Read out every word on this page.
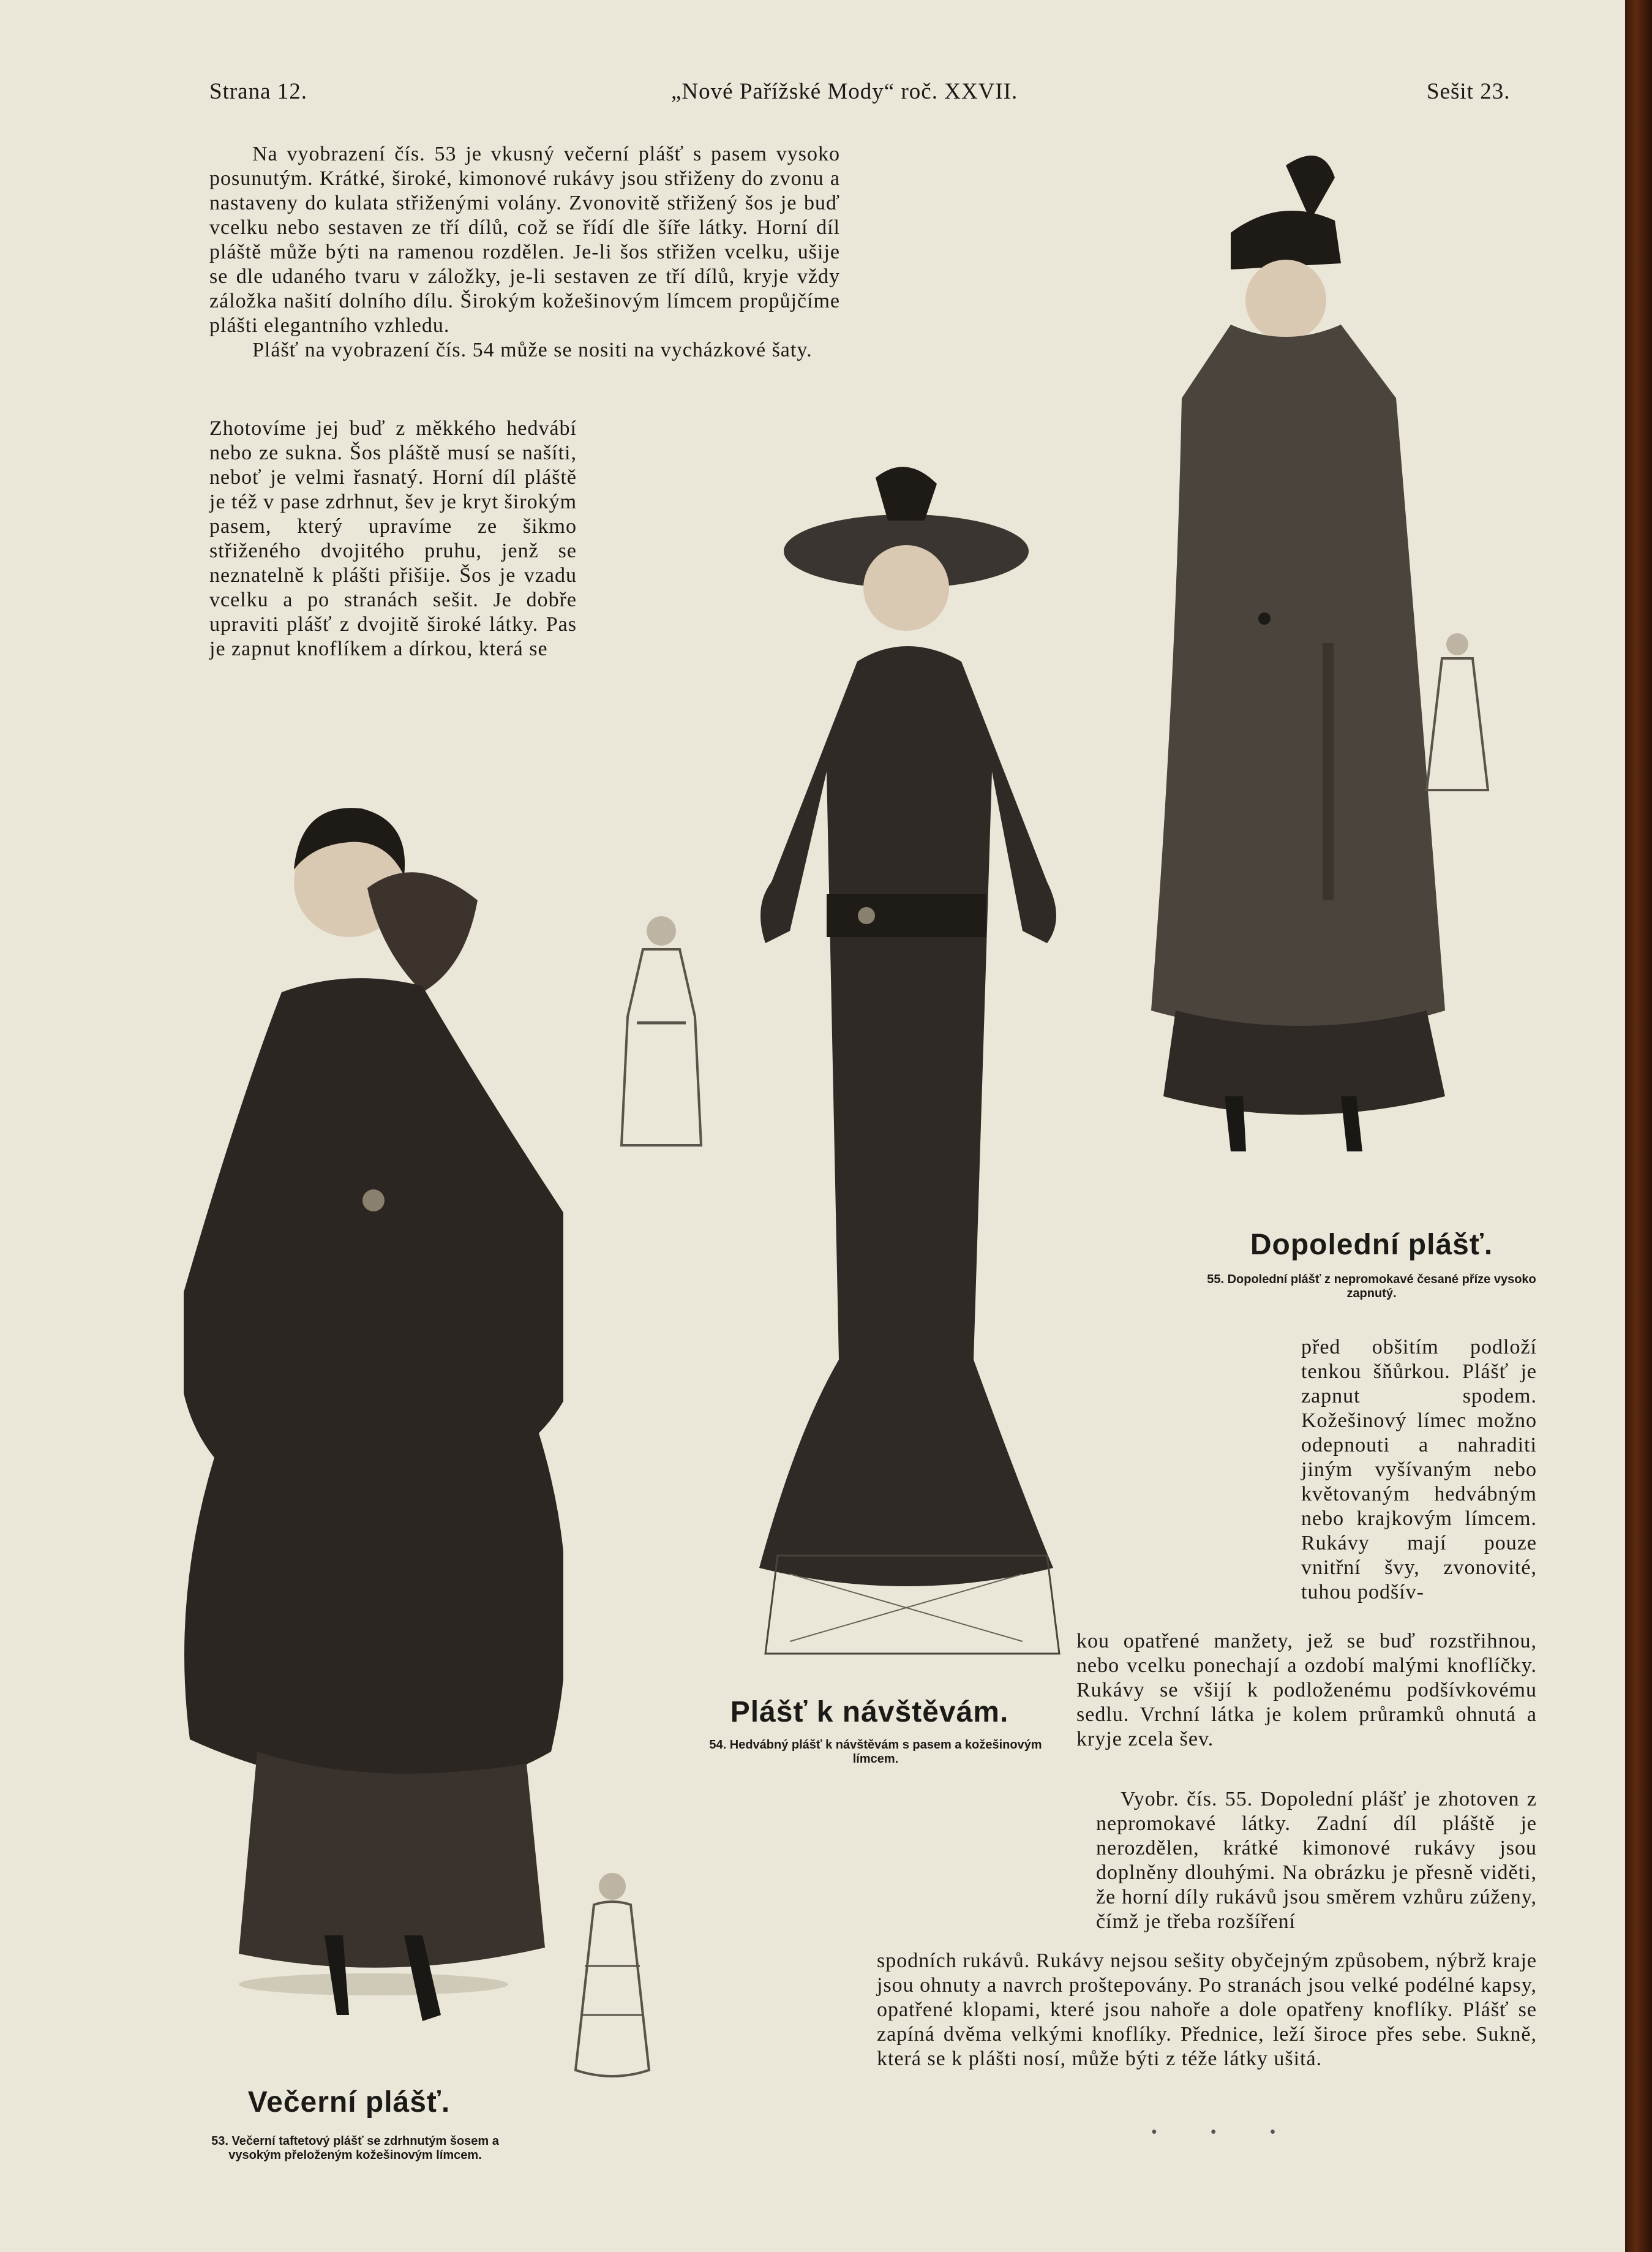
Strana 12.	„Nové Pařížské Mody“ roč. XXVII.	Sešit 23.

Na vyobrazení čís. 53 je vkusný večerní plášť s pasem vysoko posunutým. Krátké, široké, kimonové rukávy jsou střiženy do zvonu a nastaveny do kulata střiženými volány. Zvonovitě střižený šos je buď vcelku nebo sestaven ze tří dílů, což se řídí dle šíře látky. Horní díl pláště může býti na ramenou rozdělen. Je-li šos střižen vcelku, ušije se dle udaného tvaru v záložky, je-li sestaven ze tří dílů, kryje vždy záložka našití dolního dílu. Širokým kožešinovým límcem propůjčíme plášti elegantního vzhledu.

Plášť na vyobrazení čís. 54 může se nositi na vycházkové šaty.

Zhotovíme jej buď z měkkého hedvábí nebo ze sukna. Šos pláště musí se našíti, neboť je velmi řasnatý. Horní díl pláště je též v pase zdrhnut, šev je kryt širokým pasem, který upravíme ze šikmo střiženého dvojitého pruhu, jenž se neznatelně k plášti přišije. Šos je vzadu vcelku a po stranách sešit. Je dobře upraviti plášť z dvojitě široké látky. Pas je zapnut knoflíkem a dírkou, která se

Večerní plášť.
53. Večerní taftetový plášť se zdrhnutým šosem a vysokým přeloženým kožešinovým límcem.
Plášť k návštěvám.
54. Hedvábný plášť k návštěvám s pasem a kožešinovým límcem.
Dopolední plášť.
55. Dopolední plášť z nepromokavé česané příze vysoko zapnutý.

před obšitím podloží tenkou šňůrkou. Plášť je zapnut spodem. Kožešinový límec možno odepnouti a nahraditi jiným vyšívaným nebo květovaným hedvábným nebo krajkovým límcem. Rukávy mají pouze vnitřní švy, zvonovité, tuhou podšív-

kou opatřené manžety, jež se buď rozstřihnou, nebo vcelku ponechají a ozdobí malými knoflíčky. Rukávy se všijí k podloženému podšívkovému sedlu. Vrchní látka je kolem průramků ohnutá a kryje zcela šev.

Vyobr. čís. 55. Dopolední plášť je zhotoven z nepromokavé látky. Zadní díl pláště je nerozdělen, krátké kimonové rukávy jsou doplněny dlouhými. Na obrázku je přesně viděti, že horní díly rukávů jsou směrem vzhůru zúženy, čímž je třeba rozšíření

spodních rukávů. Rukávy nejsou sešity obyčejným způsobem, nýbrž kraje jsou ohnuty a navrch proštepovány. Po stranách jsou velké podélné kapsy, opatřené klopami, které jsou nahoře a dole opatřeny knoflíky. Plášť se zapíná dvěma velkými knoflíky. Přednice, leží široce přes sebe. Sukně, která se k plášti nosí, může býti z téže látky ušitá.

• • •
